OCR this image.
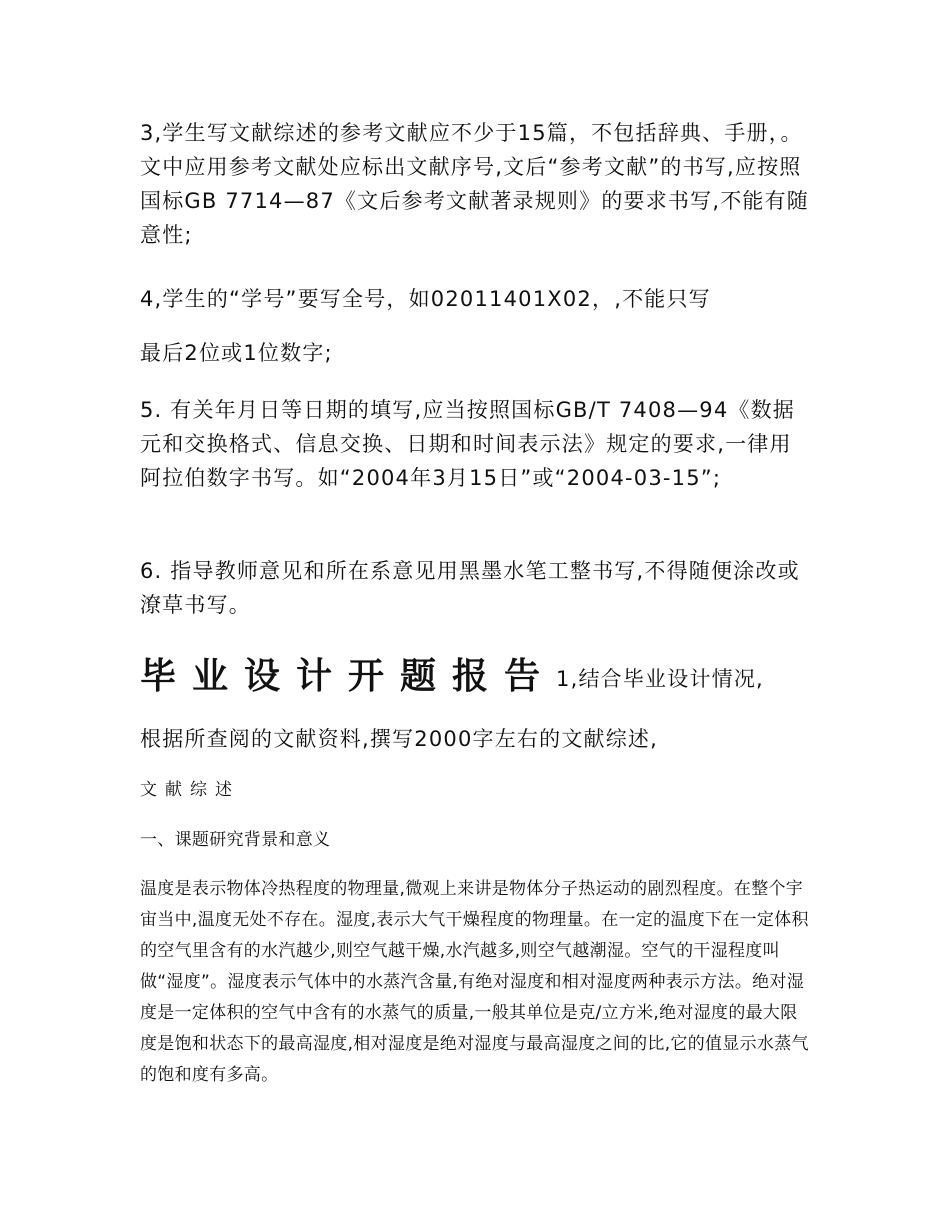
3,学生写文献综述的参考文献应不少于15篇，不包括辞典、手册，。文中应用参考文献处应标出文献序号,文后“参考文献”的书写,应按照国标GB 7714—87《文后参考文献著录规则》的要求书写,不能有随意性;

4,学生的“学号”要写全号，如02011401X02，,不能只写

最后2位或1位数字;

5. 有关年月日等日期的填写,应当按照国标GB/T 7408—94《数据元和交换格式、信息交换、日期和时间表示法》规定的要求,一律用阿拉伯数字书写。如“2004年3月15日”或“2004-03-15”;

6. 指导教师意见和所在系意见用黑墨水笔工整书写,不得随便涂改或潦草书写。

毕业设计开题报告1,结合毕业设计情况,

根据所查阅的文献资料,撰写2000字左右的文献综述,

文献综述

一、课题研究背景和意义

温度是表示物体冷热程度的物理量,微观上来讲是物体分子热运动的剧烈程度。在整个宇宙当中,温度无处不存在。湿度,表示大气干燥程度的物理量。在一定的温度下在一定体积的空气里含有的水汽越少,则空气越干燥,水汽越多,则空气越潮湿。空气的干湿程度叫做“湿度”。湿度表示气体中的水蒸汽含量,有绝对湿度和相对湿度两种表示方法。绝对湿度是一定体积的空气中含有的水蒸气的质量,一般其单位是克/立方米,绝对湿度的最大限度是饱和状态下的最高湿度,相对湿度是绝对湿度与最高湿度之间的比,它的值显示水蒸气的饱和度有多高。
